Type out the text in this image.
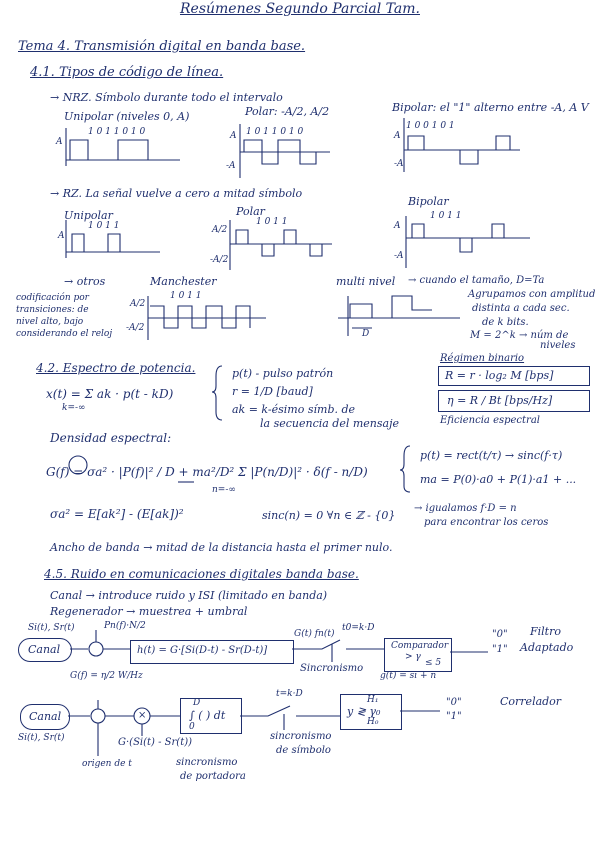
Resúmenes Segundo Parcial Tam.
Tema 4. Transmisión digital en banda base.
4.1. Tipos de código de línea.
→ NRZ. Símbolo durante todo el intervalo
Unipolar (niveles 0, A)	Polar: -A/2, A/2	Bipolar: el "1" alterno entre -A, A V
1 0 1 1 0 1 0	1 0 1 1 0 1 0
1 0 0 1 0 1
A
A
-A
A
-A
→ RZ. La señal vuelve a cero a mitad símbolo
Unipolar	Polar
Bipolar
1 0 1 1	1 0 1 1
1 0 1 1
A
A/2
-A/2
A
-A
→ otros	Manchester
1 0 1 1
A/2
-A/2
multi nivel → cuando el tamaño, D=Ta
Agrupamos con amplitud
distinta a cada sec.
de k bits.
M = 2^k → núm de
niveles
D
codificación por
transiciones: de
nivel alto, bajo
considerando el reloj
4.2. Espectro de potencia.
x(t) = Σ ak · p(t - kD)
k=-∞
p(t) - pulso patrón
r = 1/D [baud]
ak = k-ésimo símb. de
la secuencia del mensaje
Régimen binario
R = r · log₂ M [bps]
η = R / Bt [bps/Hz]
Eficiencia espectral
Densidad espectral:
G(f) = σa² · |P(f)|² / D + ma²/D² Σ |P(n/D)|² · δ(f - n/D)
n=-∞
p(t) = rect(t/τ) → sinc(f·τ)
ma = P(0)·a0 + P(1)·a1 + ...
σa² = E[ak²] - (E[ak])²	sinc(n) = 0 ∀n ∈ ℤ - {0}
→ igualamos f·D = n
para encontrar los ceros
Ancho de banda → mitad de la distancia hasta el primer nulo.
4.5. Ruido en comunicaciones digitales banda base.
Canal → introduce ruido y ISI (limitado en banda)
Regenerador → muestrea + umbral
Si(t), Sr(t)
Canal
Pn(f)·N/2
G(f) = η/2 W/Hz
h(t) = G·[Si(D-t) - Sr(D-t)]
t0=k·D
G(t) fn(t)
Sincronismo
Comparador
> γ
≤ 5
g(t) = si + n
"0"
"1"
Filtro
Adaptado
Canal
Si(t), Sr(t)
origen de t
×
G·(Si(t) - Sr(t))
D
∫ ( ) dt
0
sincronismo
de portadora
t=k·D
sincronismo
de símbolo
H₁
y ≷ γ₀
H₀
"0"
"1"
Correlador
